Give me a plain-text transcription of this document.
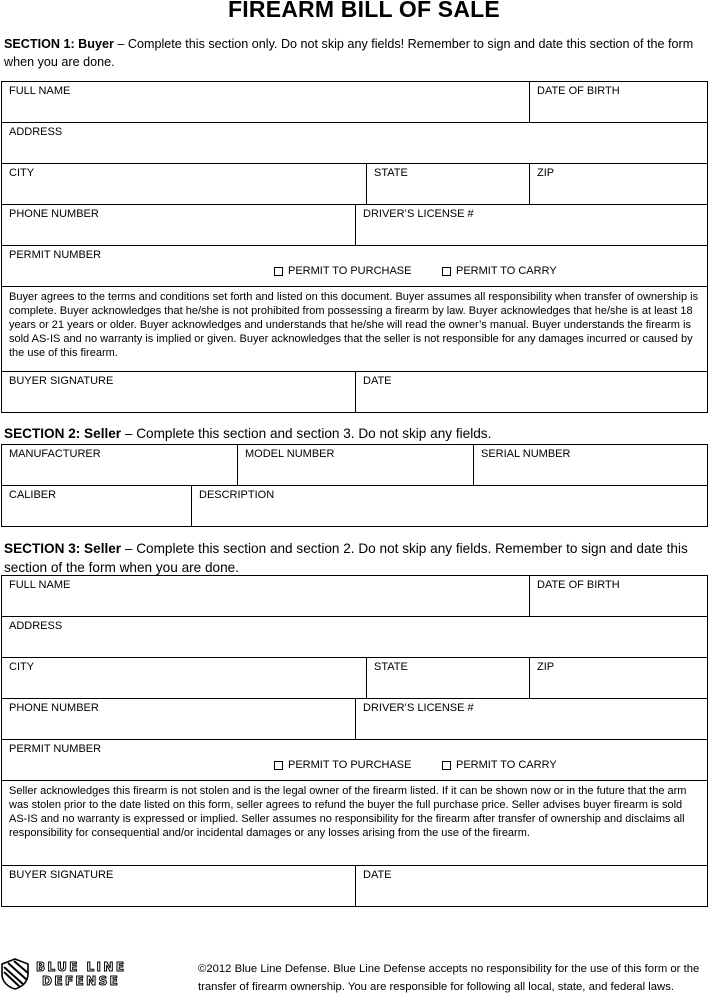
FIREARM BILL OF SALE
SECTION 1: Buyer – Complete this section only. Do not skip any fields! Remember to sign and date this section of the form when you are done.
FULL NAME	DATE OF BIRTH
ADDRESS
CITY	STATE	ZIP
PHONE NUMBER	DRIVER’S LICENSE #
PERMIT NUMBER
PERMIT TO PURCHASE	PERMIT TO CARRY
Buyer agrees to the terms and conditions set forth and listed on this document. Buyer assumes all responsibility when transfer of ownership is complete. Buyer acknowledges that he/she is not prohibited from possessing a firearm by law. Buyer acknowledges that he/she is at least 18 years or 21 years or older. Buyer acknowledges and understands that he/she will read the owner’s manual. Buyer understands the firearm is sold AS-IS and no warranty is implied or given. Buyer acknowledges that the seller is not responsible for any damages incurred or caused by the use of this firearm.
BUYER SIGNATURE	DATE
SECTION 2: Seller – Complete this section and section 3. Do not skip any fields.
MANUFACTURER	MODEL NUMBER	SERIAL NUMBER
CALIBER	DESCRIPTION
SECTION 3: Seller – Complete this section and section 2. Do not skip any fields. Remember to sign and date this section of the form when you are done.
FULL NAME	DATE OF BIRTH
ADDRESS
CITY	STATE	ZIP
PHONE NUMBER	DRIVER’S LICENSE #
PERMIT NUMBER
PERMIT TO PURCHASE	PERMIT TO CARRY
Seller acknowledges this firearm is not stolen and is the legal owner of the firearm listed. If it can be shown now or in the future that the arm was stolen prior to the date listed on this form, seller agrees to refund the buyer the full purchase price. Seller advises buyer firearm is sold AS-IS and no warranty is expressed or implied. Seller assumes no responsibility for the firearm after transfer of ownership and disclaims all responsibility for consequential and/or incidental damages or any losses arising from the use of the firearm.
BUYER SIGNATURE	DATE
BLUE LINE
DEFENSE
©2012 Blue Line Defense. Blue Line Defense accepts no responsibility for the use of this form or the transfer of firearm ownership. You are responsible for following all local, state, and federal laws.
